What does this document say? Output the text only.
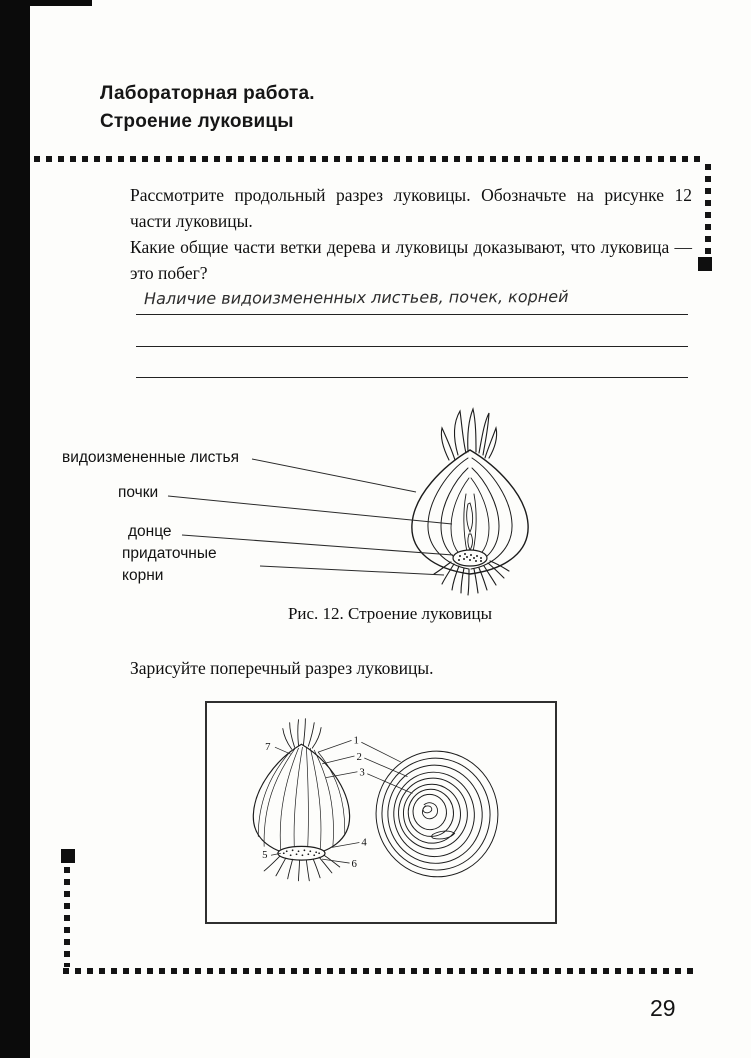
Лабораторная работа.
Строение луковицы

Рассмотрите продольный разрез луковицы. Обозначьте на рисунке 12 части луковицы.

Какие общие части ветки дерева и луковицы доказывают, что луковица — это побег?

Наличие видоизмененных листьев, почек, корней
видоизмененные листья
почки
донце
придаточные
корни
Рис. 12. Строение луковицы

Зарисуйте поперечный разрез луковицы.

7
1
2
3
4
5
6
29
